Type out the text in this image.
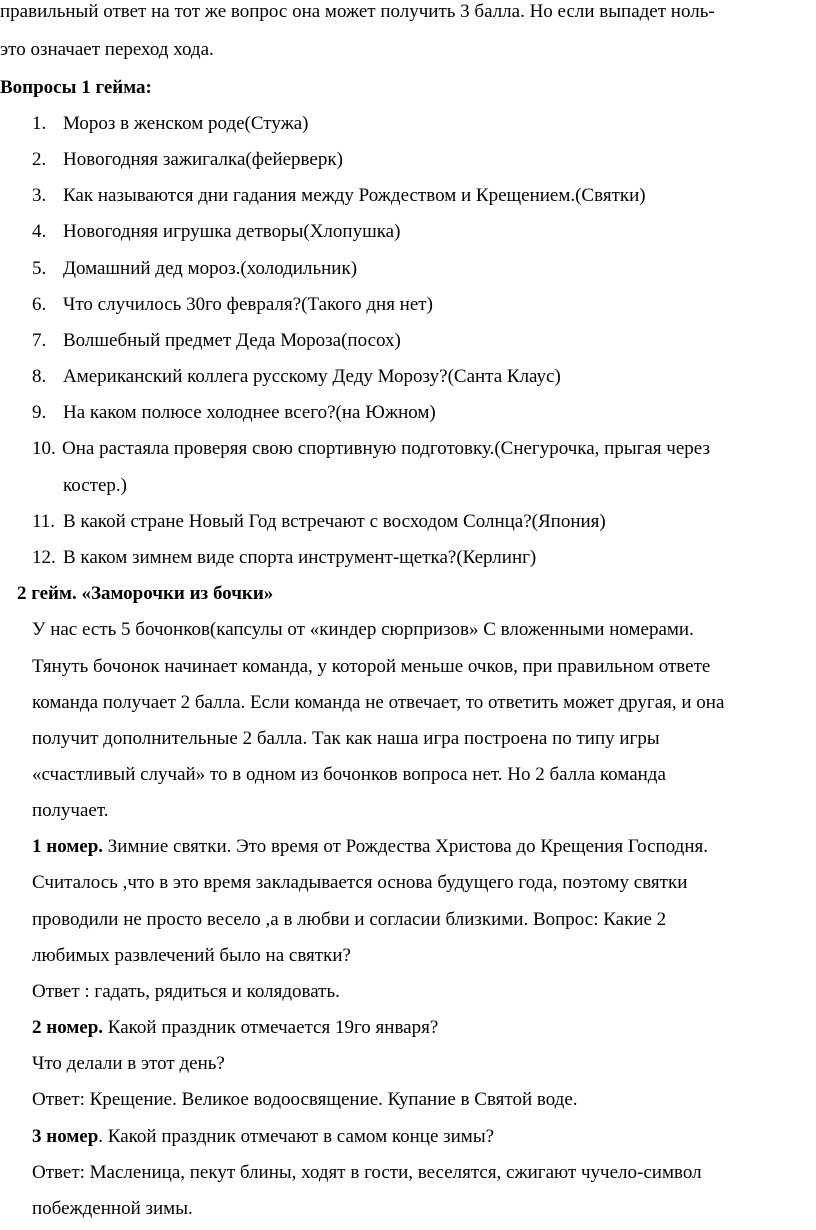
правильный ответ на тот же вопрос она может получить 3 балла. Но если выпадет ноль-
это означает переход хода.
Вопросы 1 гейма:
1. Мороз в женском роде(Стужа)
2. Новогодняя зажигалка(фейерверк)
3. Как называются дни гадания между Рождеством и Крещением.(Святки)
4. Новогодняя игрушка детворы(Хлопушка)
5. Домашний дед мороз.(холодильник)
6. Что случилось 30го февраля?(Такого дня нет)
7. Волшебный предмет Деда Мороза(посох)
8. Американский коллега русскому Деду Морозу?(Санта Клаус)
9. На каком полюсе холоднее всего?(на Южном)
10. Она растаяла проверяя свою спортивную подготовку.(Снегурочка, прыгая через
костер.)
11. В какой стране Новый Год встречают с восходом Солнца?(Япония)
12. В каком зимнем виде спорта инструмент-щетка?(Керлинг)
2 гейм. «Заморочки из бочки»
У нас есть 5 бочонков(капсулы от «киндер сюрпризов» С вложенными номерами.
Тянуть бочонок начинает команда, у которой меньше очков, при правильном ответе
команда получает 2 балла. Если команда не отвечает, то ответить может другая, и она
получит дополнительные 2 балла. Так как наша игра построена по типу игры
«счастливый случай» то в одном из бочонков вопроса нет. Но 2 балла команда
получает.
1 номер. Зимние святки. Это время от Рождества Христова до Крещения Господня.
Считалось ,что в это время закладывается основа будущего года, поэтому святки
проводили не просто весело ,а в любви и согласии близкими. Вопрос: Какие 2
любимых развлечений было на святки?
Ответ : гадать, рядиться и колядовать.
2 номер. Какой праздник отмечается 19го января?
Что делали в этот день?
Ответ: Крещение. Великое водоосвящение. Купание в Святой воде.
3 номер. Какой праздник отмечают в самом конце зимы?
Ответ: Масленица, пекут блины, ходят в гости, веселятся, сжигают чучело-символ
побежденной зимы.
